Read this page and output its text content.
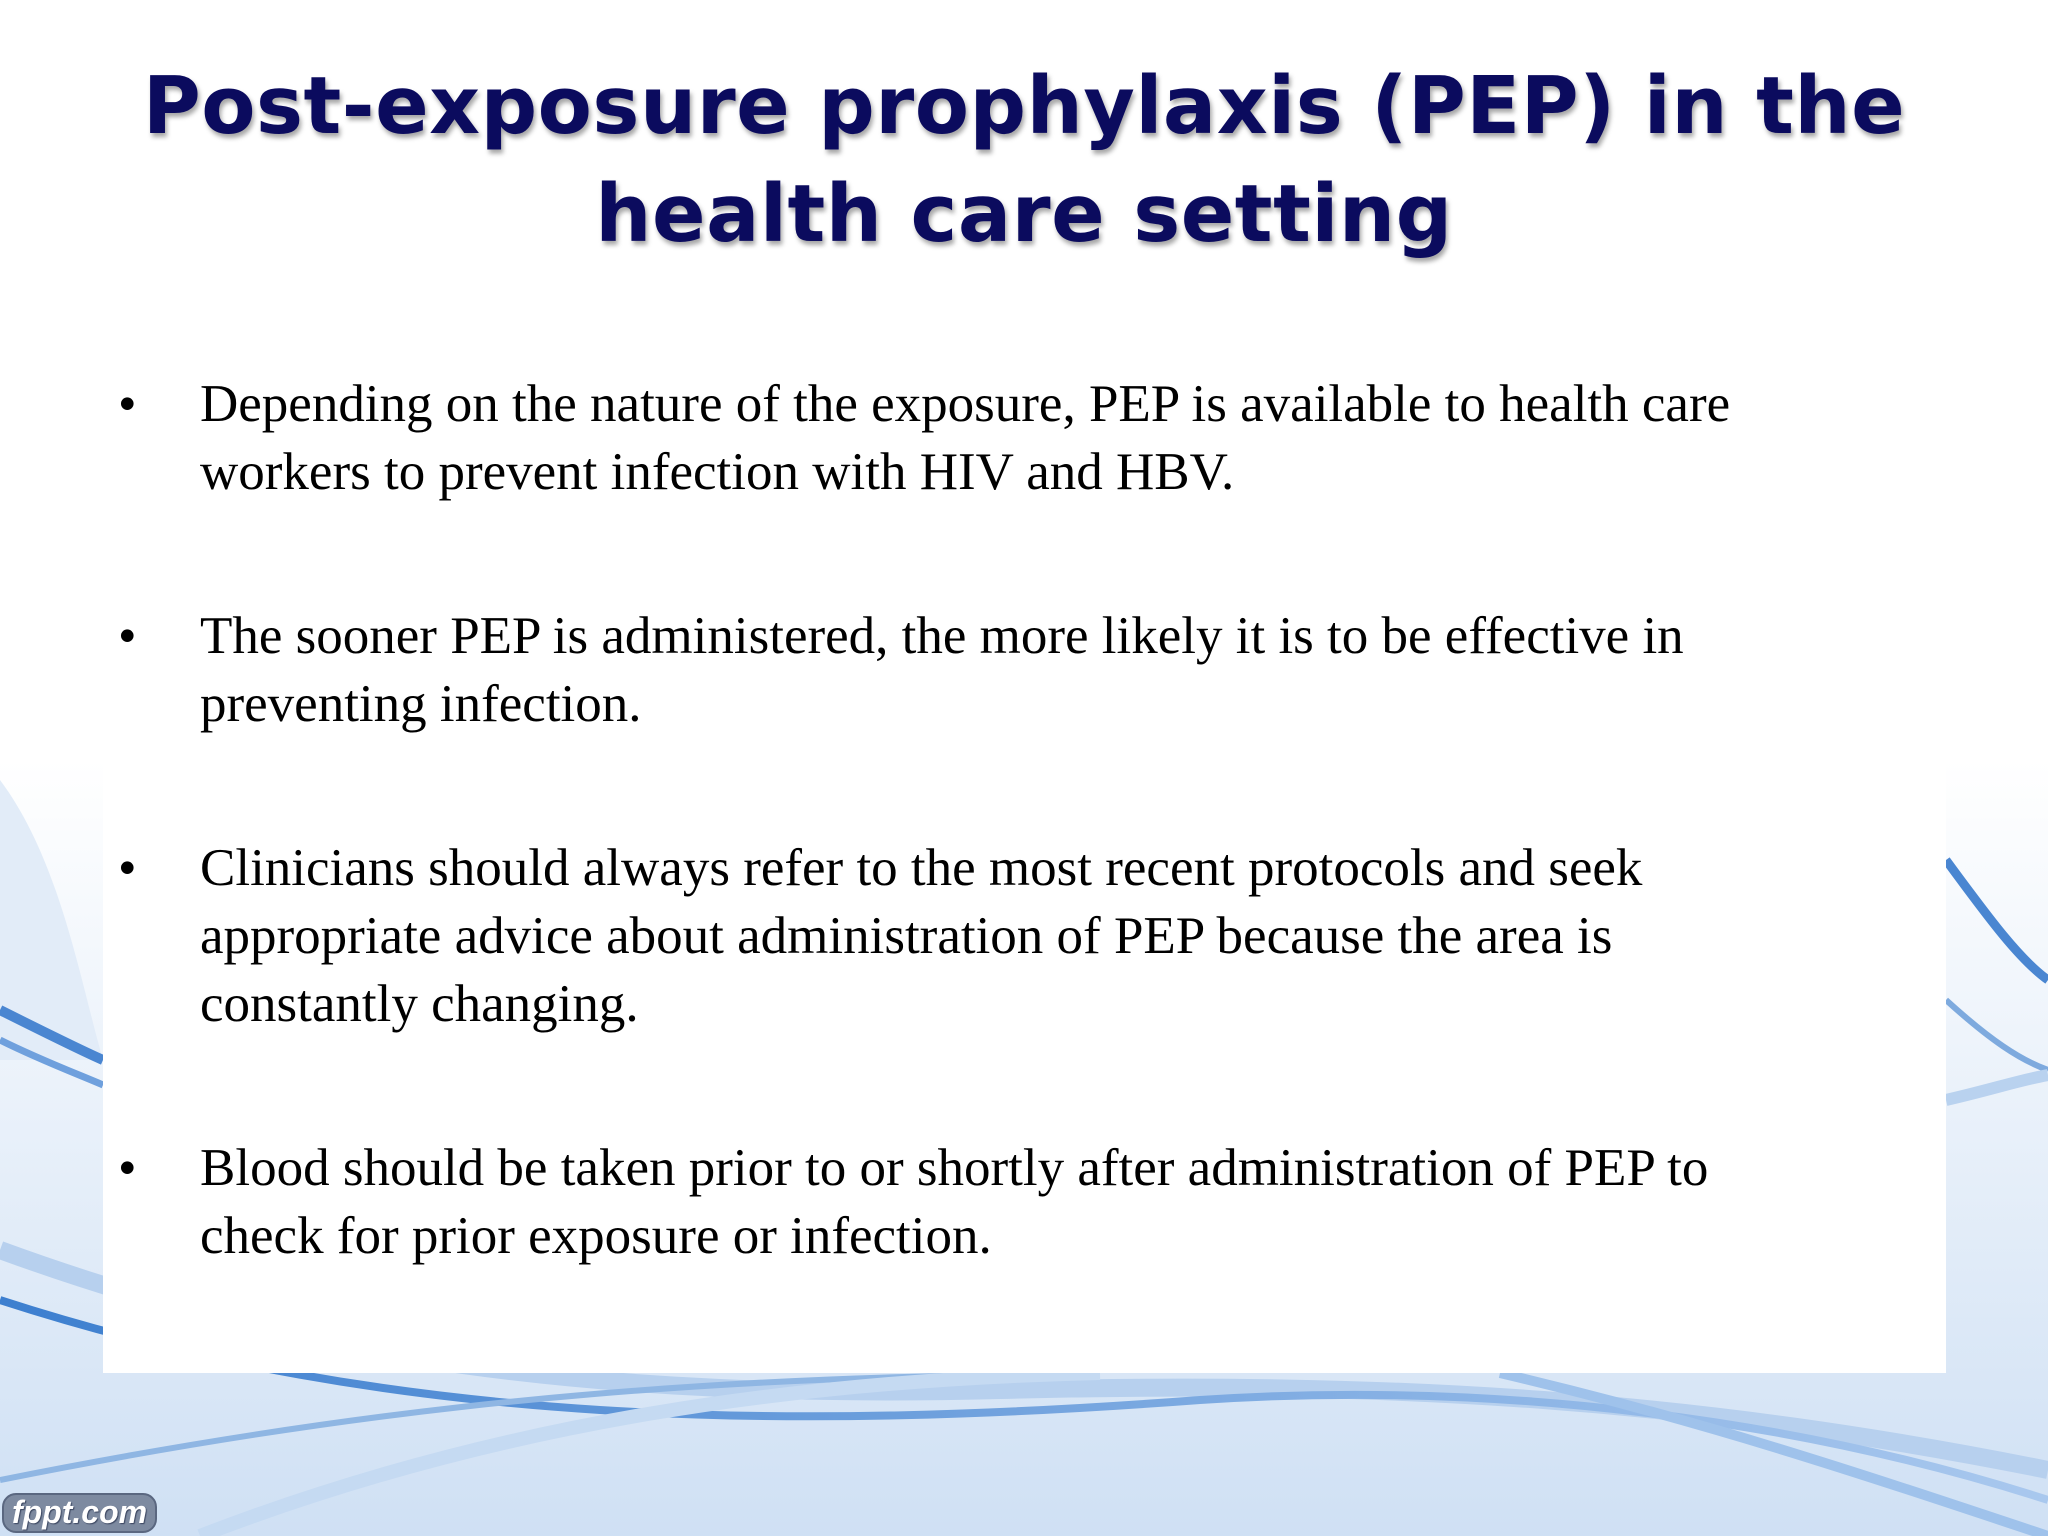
Post-exposure prophylaxis (PEP) in the
health care setting
• Depending on the nature of the exposure, PEP is available to health care
workers to prevent infection with HIV and HBV.
• The sooner PEP is administered, the more likely it is to be effective in
preventing infection.
• Clinicians should always refer to the most recent protocols and seek
appropriate advice about administration of PEP because the area is
constantly changing.
• Blood should be taken prior to or shortly after administration of PEP to
check for prior exposure or infection.
fppt.com
